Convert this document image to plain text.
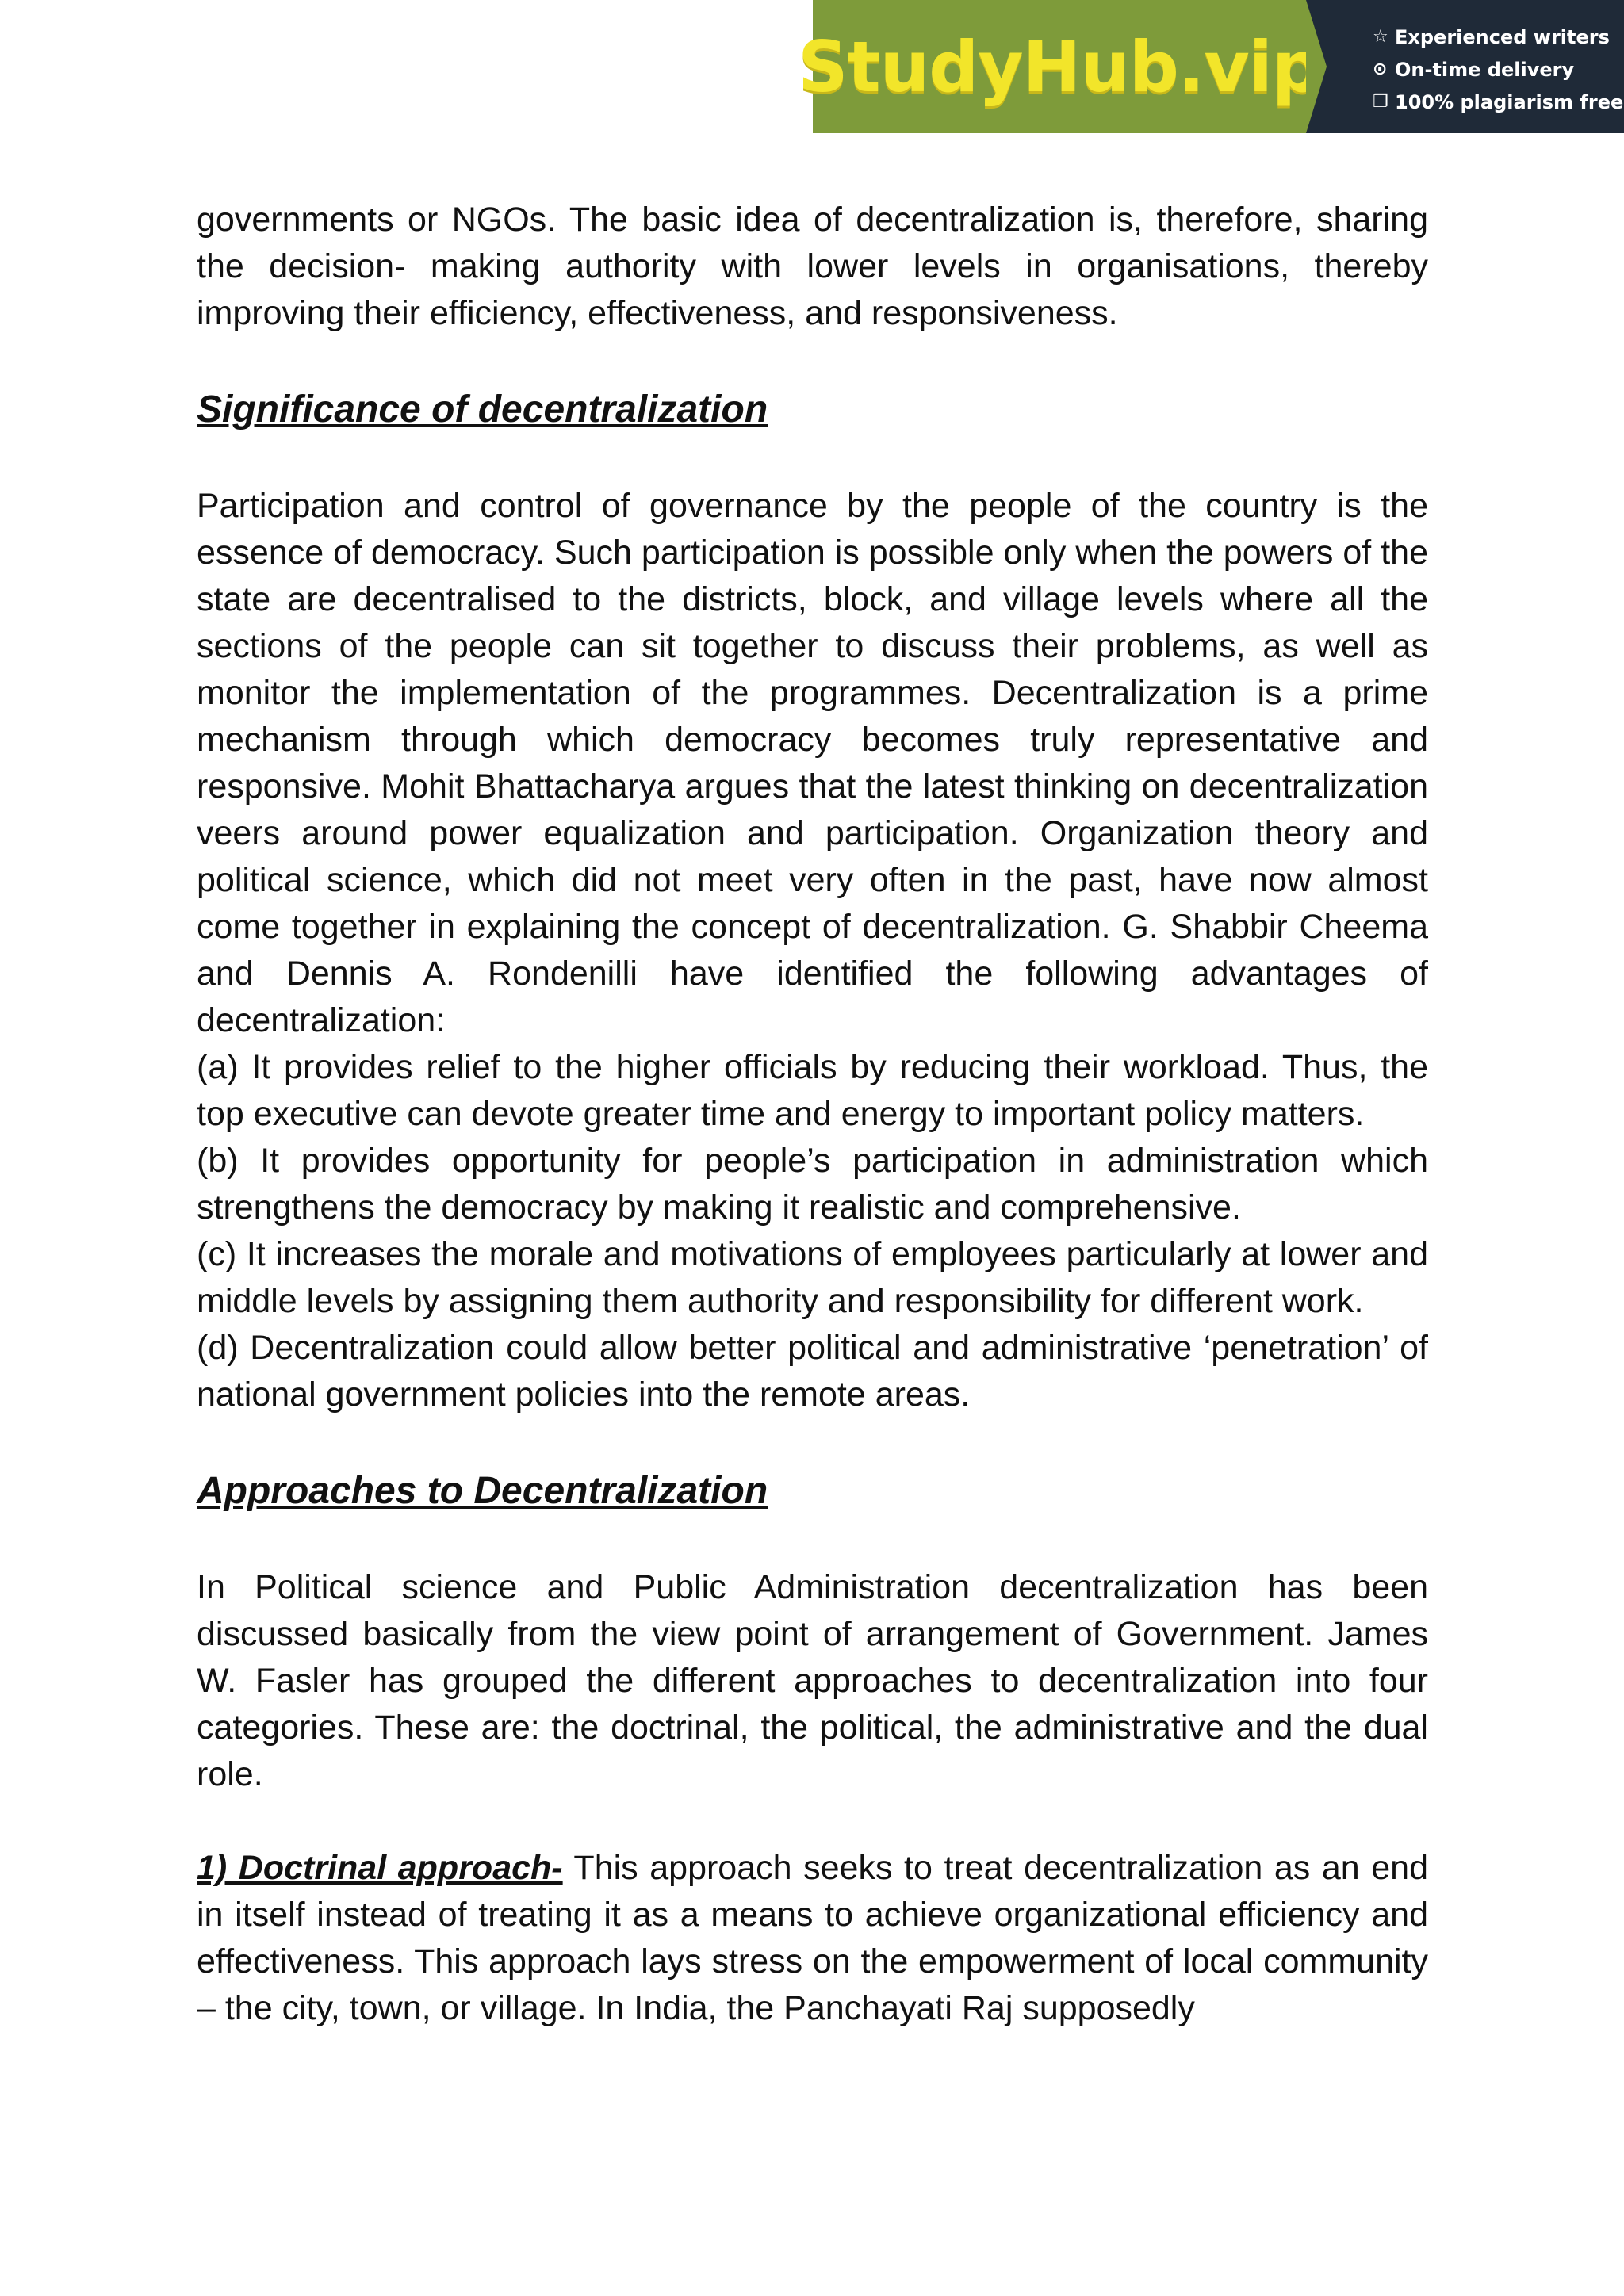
StudyHub.vip	☆ Experienced writers
⊙ On-time delivery
❐ 100% plagiarism free

governments or NGOs. The basic idea of decentralization is, therefore, sharing the decision- making authority with lower levels in organisations, thereby improving their efficiency, effectiveness, and responsiveness.

Significance of decentralization

Participation and control of governance by the people of the country is the essence of democracy. Such participation is possible only when the powers of the state are decentralised to the districts, block, and village levels where all the sections of the people can sit together to discuss their problems, as well as monitor the implementation of the programmes. Decentralization is a prime mechanism through which democracy becomes truly representative and responsive. Mohit Bhattacharya argues that the latest thinking on decentralization veers around power equalization and participation. Organization theory and political science, which did not meet very often in the past, have now almost come together in explaining the concept of decentralization. G. Shabbir Cheema and Dennis A. Rondenilli have identified the following advantages of decentralization:

(a) It provides relief to the higher officials by reducing their workload. Thus, the top executive can devote greater time and energy to important policy matters.

(b) It provides opportunity for people’s participation in administration which strengthens the democracy by making it realistic and comprehensive.

(c) It increases the morale and motivations of employees particularly at lower and middle levels by assigning them authority and responsibility for different work.

(d) Decentralization could allow better political and administrative ‘penetration’ of national government policies into the remote areas.

Approaches to Decentralization

In Political science and Public Administration decentralization has been discussed basically from the view point of arrangement of Government. James W. Fasler has grouped the different approaches to decentralization into four categories. These are: the doctrinal, the political, the administrative and the dual role.

1) Doctrinal approach- This approach seeks to treat decentralization as an end in itself instead of treating it as a means to achieve organizational efficiency and effectiveness. This approach lays stress on the empowerment of local community – the city, town, or village. In India, the Panchayati Raj supposedly
